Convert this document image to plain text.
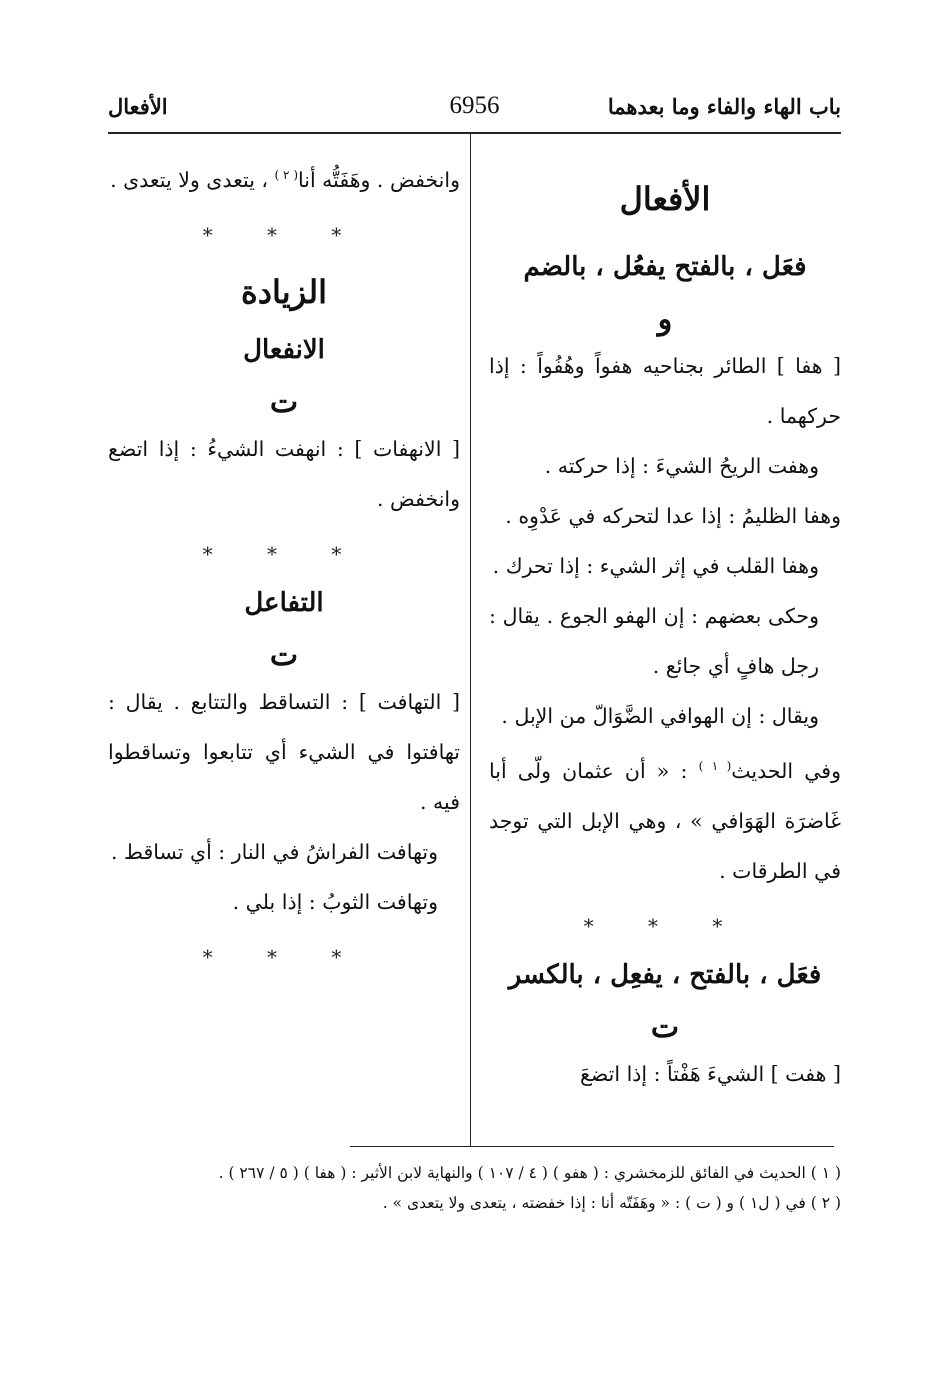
باب الهاء والفاء وما بعدهما
6956
الأفعال
الأفعال
فعَل ، بالفتح يفعُل ، بالضم
و

[ هفا ] الطائر بجناحيه هفواً وهُفُواً : إذا حركهما .

وهفت الريحُ الشيءَ : إذا حركته .

وهفا الظليمُ : إذا عدا لتحركه في عَدْوِه .

وهفا القلب في إثر الشيء : إذا تحرك .

وحكى بعضهم : إن الهفو الجوع . يقال : رجل هافٍ أي جائع .

ويقال : إن الهوافي الضَّوَالّ من الإبل .

وفي الحديث$^{( ١ )}$ : « أن عثمان ولّى أبا غَاضرَة الهَوَافي » ، وهي الإبل التي توجد في الطرقات .

* * *
فعَل ، بالفتح ، يفعِل ، بالكسر
ت

[ هفت ] الشيءَ هَفْتاً : إذا اتضعَ

وانخفض . وهَفَتُّه أنا$^{( ٢ )}$ ، يتعدى ولا يتعدى .

* * *
الزيادة
الانفعال
ت

[ الانهفات ] : انهفت الشيءُ : إذا اتضع وانخفض .

* * *
التفاعل
ت

[ التهافت ] : التساقط والتتابع . يقال : تهافتوا في الشيء أي تتابعوا وتساقطوا فيه .

وتهافت الفراشُ في النار : أي تساقط .

وتهافت الثوبُ : إذا بلي .

* * *
( ١ ) الحديث في الفائق للزمخشري : ( هفو ) ( ٤ / ١٠٧ ) والنهاية لابن الأثير : ( هفا ) ( ٥ / ٢٦٧ ) .
( ٢ ) في ( ل١ ) و ( ت ) : « وهَفَتّه أنا : إذا خفضته ، يتعدى ولا يتعدى » .
